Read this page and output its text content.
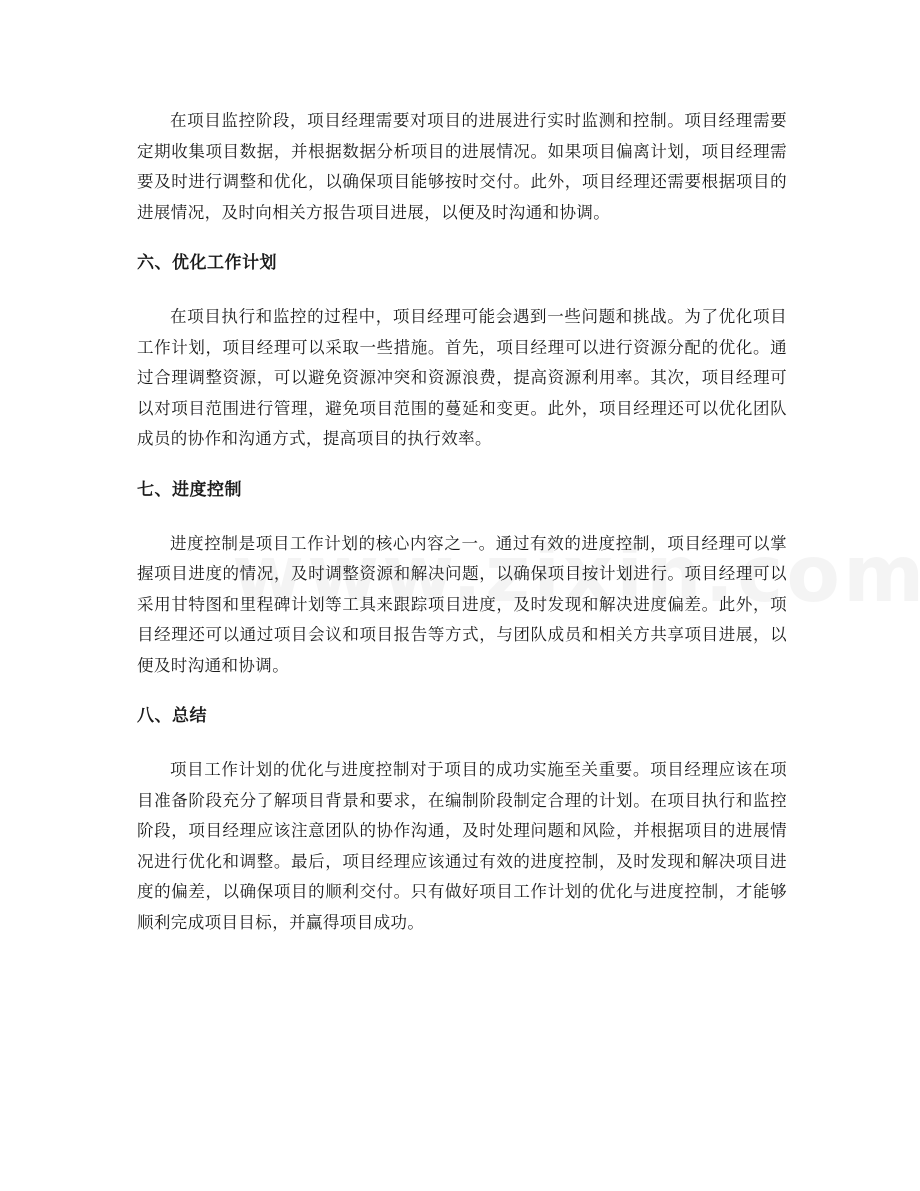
在项目监控阶段，项目经理需要对项目的进展进行实时监测和控制。项目经理需要定期收集项目数据，并根据数据分析项目的进展情况。如果项目偏离计划，项目经理需要及时进行调整和优化，以确保项目能够按时交付。此外，项目经理还需要根据项目的进展情况，及时向相关方报告项目进展，以便及时沟通和协调。

六、优化工作计划

在项目执行和监控的过程中，项目经理可能会遇到一些问题和挑战。为了优化项目工作计划，项目经理可以采取一些措施。首先，项目经理可以进行资源分配的优化。通过合理调整资源，可以避免资源冲突和资源浪费，提高资源利用率。其次，项目经理可以对项目范围进行管理，避免项目范围的蔓延和变更。此外，项目经理还可以优化团队成员的协作和沟通方式，提高项目的执行效率。

七、进度控制

进度控制是项目工作计划的核心内容之一。通过有效的进度控制，项目经理可以掌握项目进度的情况，及时调整资源和解决问题，以确保项目按计划进行。项目经理可以采用甘特图和里程碑计划等工具来跟踪项目进度，及时发现和解决进度偏差。此外，项目经理还可以通过项目会议和项目报告等方式，与团队成员和相关方共享项目进展，以便及时沟通和协调。

八、总结

项目工作计划的优化与进度控制对于项目的成功实施至关重要。项目经理应该在项目准备阶段充分了解项目背景和要求，在编制阶段制定合理的计划。在项目执行和监控阶段，项目经理应该注意团队的协作沟通，及时处理问题和风险，并根据项目的进展情况进行优化和调整。最后，项目经理应该通过有效的进度控制，及时发现和解决项目进度的偏差，以确保项目的顺利交付。只有做好项目工作计划的优化与进度控制，才能够顺利完成项目目标，并赢得项目成功。
